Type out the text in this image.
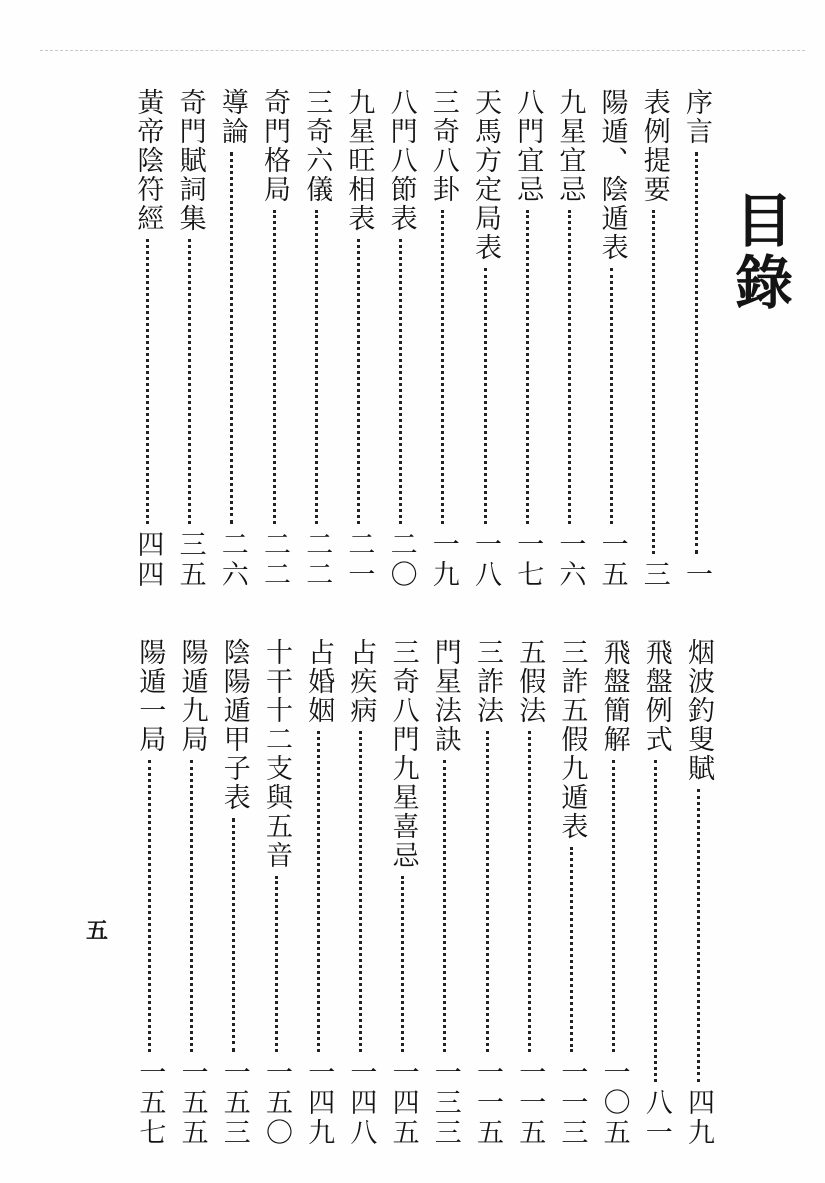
目錄
序言
一
表例提要
三
陽遁、陰遁表
一五
九星宜忌
一六
八門宜忌
一七
天馬方定局表
一八
三奇八卦
一九
八門八節表
二〇
九星旺相表
二一
三奇六儀
二二
奇門格局
二二
導論
二六
奇門賦詞集
三五
黃帝陰符經
四四
烟波釣叟賦
四九
飛盤例式
八一
飛盤簡解
一〇五
三詐五假九遁表
一一三
五假法
一一五
三詐法
一一五
門星法訣
一三三
三奇八門九星喜忌
一四五
占疾病
一四八
占婚姻
一四九
十干十二支與五音
一五〇
陰陽遁甲子表
一五三
陽遁九局
一五五
陽遁一局
一五七
五
